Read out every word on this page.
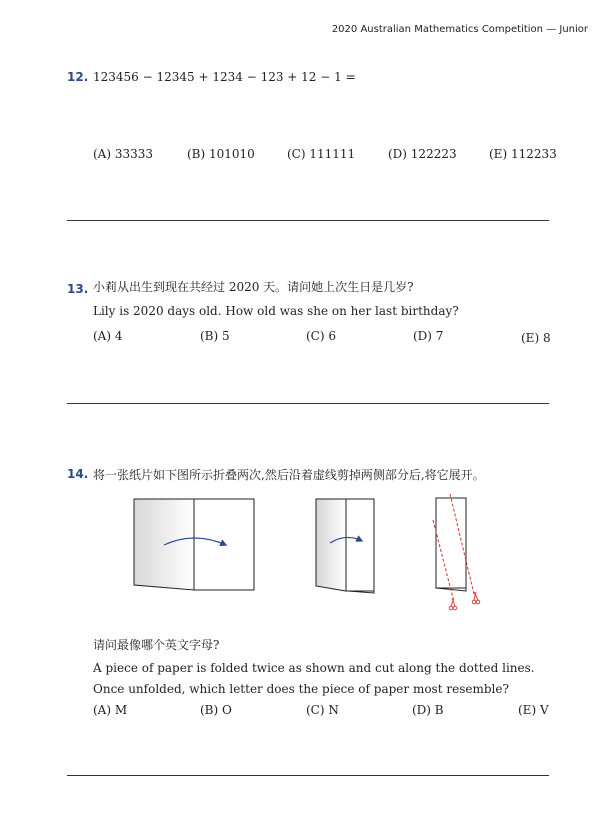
2020 Australian Mathematics Competition — Junior
12. 123456 − 12345 + 1234 − 123 + 12 − 1 =
(A) 33333	(B) 101010	(C) 111111	(D) 122223	(E) 112233
13. 小莉从出生到现在共经过 2020 天。请问她上次生日是几岁?
Lily is 2020 days old. How old was she on her last birthday?
(A) 4	(B) 5	(C) 6	(D) 7	(E) 8
14. 将一张纸片如下图所示折叠两次,然后沿着虚线剪掉两侧部分后,将它展开。
请问最像哪个英文字母?
A piece of paper is folded twice as shown and cut along the dotted lines.
Once unfolded, which letter does the piece of paper most resemble?
(A) M	(B) O	(C) N	(D) B	(E) V
